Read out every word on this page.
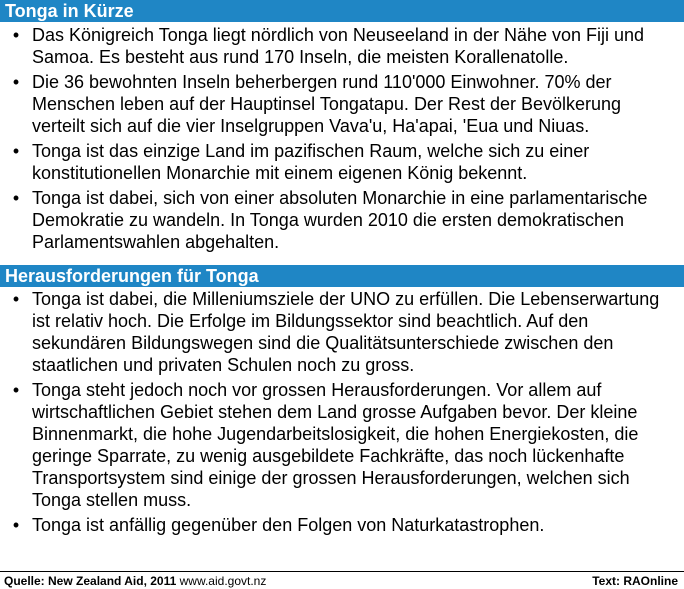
Tonga in Kürze
• Das Königreich Tonga liegt nördlich von Neuseeland in der Nähe von Fiji und Samoa. Es besteht aus rund 170 Inseln, die meisten Korallenatolle.
• Die 36 bewohnten Inseln beherbergen rund 110'000 Einwohner. 70% der Menschen leben auf der Hauptinsel Tongatapu. Der Rest der Bevölkerung verteilt sich auf die vier Inselgruppen Vava'u, Ha'apai, 'Eua und Niuas.
• Tonga ist das einzige Land im pazifischen Raum, welche sich zu einer konstitutionellen Monarchie mit einem eigenen König bekennt.
• Tonga ist dabei, sich von einer absoluten Monarchie in eine parlamentarische Demokratie zu wandeln. In Tonga wurden 2010 die ersten demokratischen Parlamentswahlen abgehalten.
Herausforderungen für Tonga
• Tonga ist dabei, die Milleniumsziele der UNO zu erfüllen. Die Lebenserwartung ist relativ hoch. Die Erfolge im Bildungssektor sind beachtlich. Auf den sekundären Bildungswegen sind die Qualitätsunterschiede zwischen den staatlichen und privaten Schulen noch zu gross.
• Tonga steht jedoch noch vor grossen Herausforderungen. Vor allem auf wirtschaftlichen Gebiet stehen dem Land grosse Aufgaben bevor. Der kleine Binnenmarkt, die hohe Jugendarbeitslosigkeit, die hohen Energiekosten, die geringe Sparrate, zu wenig ausgebildete Fachkräfte, das noch lückenhafte Transportsystem sind einige der grossen Herausforderungen, welchen sich Tonga stellen muss.
• Tonga ist anfällig gegenüber den Folgen von Naturkatastrophen.
Quelle: New Zealand Aid, 2011 www.aid.govt.nz	Text: RAOnline
